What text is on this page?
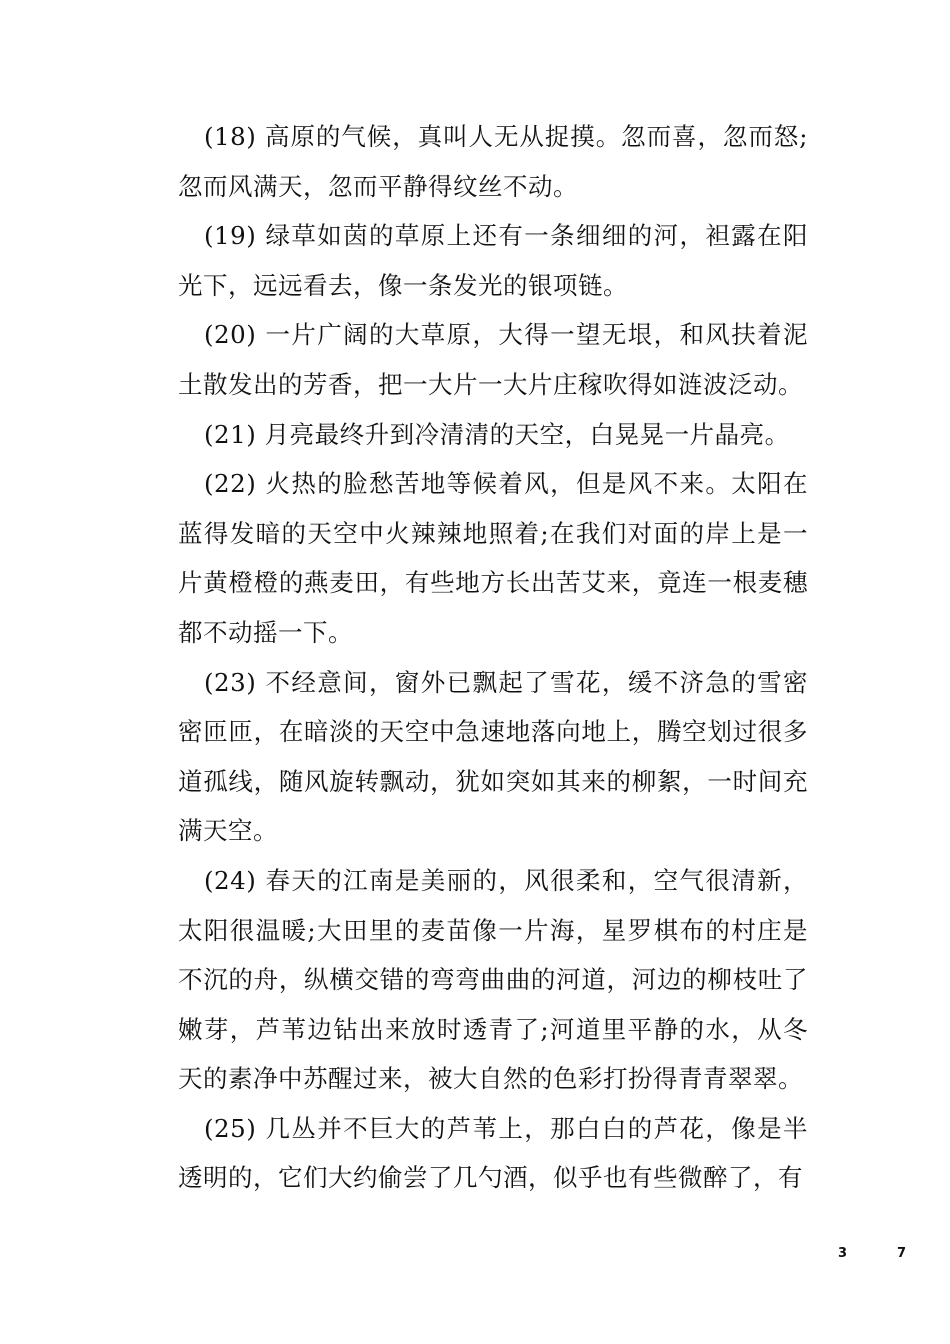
(18) 高原的气候，真叫人无从捉摸。忽而喜，忽而怒;忽而风满天，忽而平静得纹丝不动。

(19) 绿草如茵的草原上还有一条细细的河，袒露在阳光下，远远看去，像一条发光的银项链。

(20) 一片广阔的大草原，大得一望无垠，和风扶着泥土散发出的芳香，把一大片一大片庄稼吹得如涟波泛动。

(21) 月亮最终升到冷清清的天空，白晃晃一片晶亮。

(22) 火热的脸愁苦地等候着风，但是风不来。太阳在蓝得发暗的天空中火辣辣地照着;在我们对面的岸上是一片黄橙橙的燕麦田，有些地方长出苦艾来，竟连一根麦穗都不动摇一下。

(23) 不经意间，窗外已飘起了雪花，缓不济急的雪密密匝匝，在暗淡的天空中急速地落向地上，腾空划过很多道孤线，随风旋转飘动，犹如突如其来的柳絮，一时间充满天空。

(24) 春天的江南是美丽的，风很柔和，空气很清新，太阳很温暖;大田里的麦苗像一片海，星罗棋布的村庄是不沉的舟，纵横交错的弯弯曲曲的河道，河边的柳枝吐了嫩芽，芦苇边钻出来放时透青了;河道里平静的水，从冬天的素净中苏醒过来，被大自然的色彩打扮得青青翠翠。

(25) 几丛并不巨大的芦苇上，那白白的芦花，像是半透明的，它们大约偷尝了几勺酒，似乎也有些微醉了，有

3	7
